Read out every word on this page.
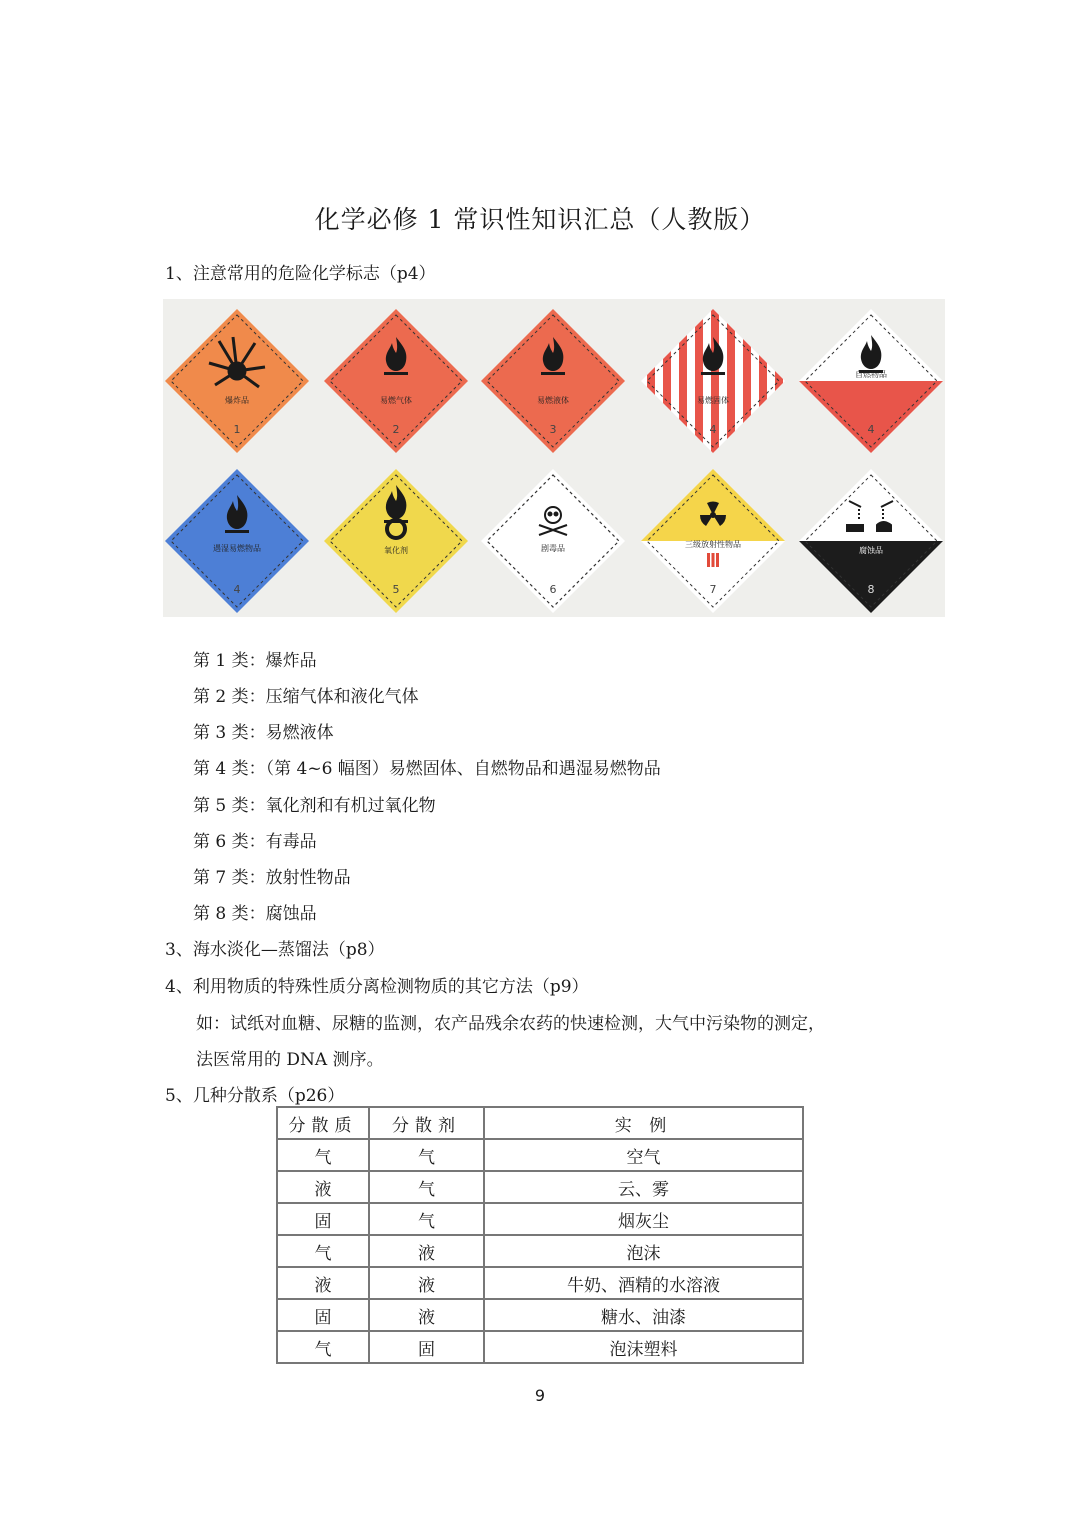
化学必修 1 常识性知识汇总（人教版）
1、注意常用的危险化学标志（p4）
爆炸品
1
易燃气体
2
易燃液体
3
易燃固体
4
自燃物品
4
遇湿易燃物品
4
氧化剂
5
剧毒品
6
三级放射性物品
7
腐蚀品
8
第 1 类：爆炸品
第 2 类：压缩气体和液化气体
第 3 类：易燃液体
第 4 类：（第 4~6 幅图）易燃固体、自燃物品和遇湿易燃物品
第 5 类：氧化剂和有机过氧化物
第 6 类：有毒品
第 7 类：放射性物品
第 8 类：腐蚀品
3、海水淡化—蒸馏法（p8）
4、利用物质的特殊性质分离检测物质的其它方法（p9）
如：试纸对血糖、尿糖的监测，农产品残余农药的快速检测，大气中污染物的测定，
法医常用的 DNA 测序。
5、几种分散系（p26）
分散质	分散剂	实 例
气	气	空气
液	气	云、雾
固	气	烟灰尘
气	液	泡沫
液	液	牛奶、酒精的水溶液
固	液	糖水、油漆
气	固	泡沫塑料
9
